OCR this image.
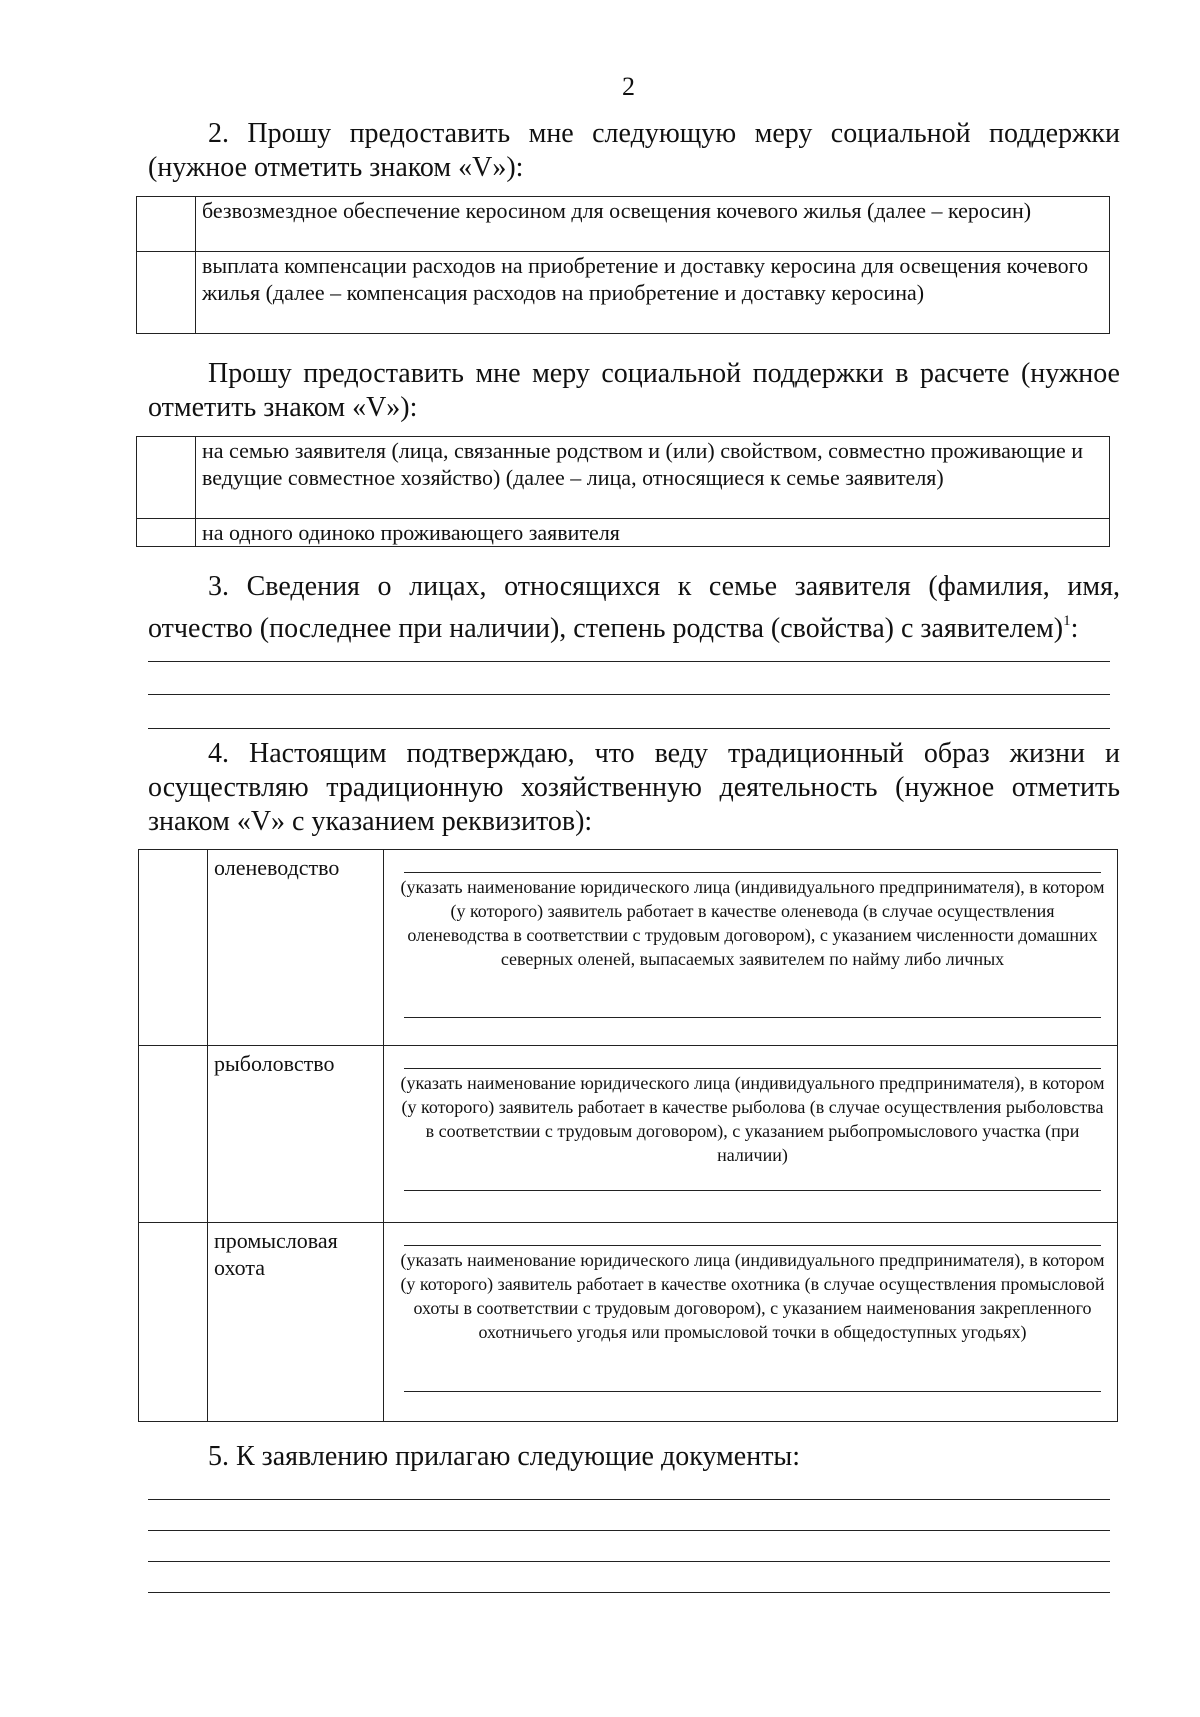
2
2. Прошу предоставить мне следующую меру социальной поддержки (нужное отметить знаком «V»):
	безвозмездное обеспечение керосином для освещения кочевого жилья (далее – керосин)
	выплата компенсации расходов на приобретение и доставку керосина для освещения кочевого жилья (далее – компенсация расходов на приобретение и доставку керосина)
Прошу предоставить мне меру социальной поддержки в расчете (нужное отметить знаком «V»):
	на семью заявителя (лица, связанные родством и (или) свойством, совместно проживающие и ведущие совместное хозяйство) (далее – лица, относящиеся к семье заявителя)
	на одного одиноко проживающего заявителя
3. Сведения о лицах, относящихся к семье заявителя (фамилия, имя, отчество (последнее при наличии), степень родства (свойства) с заявителем)$^1$:
4. Настоящим подтверждаю, что веду традиционный образ жизни и осуществляю традиционную хозяйственную деятельность (нужное отметить знаком «V» с указанием реквизитов):
	оленеводство	(указать наименование юридического лица (индивидуального предпринимателя), в котором (у которого) заявитель работает в качестве оленевода (в случае осуществления оленеводства в соответствии с трудовым договором), с указанием численности домашних северных оленей, выпасаемых заявителем по найму либо личных

	рыболовство	(указать наименование юридического лица (индивидуального предпринимателя), в котором (у которого) заявитель работает в качестве рыболова (в случае осуществления рыболовства в соответствии с трудовым договором), с указанием рыбопромыслового участка (при наличии)

	промысловая охота	(указать наименование юридического лица (индивидуального предпринимателя), в котором (у которого) заявитель работает в качестве охотника (в случае осуществления промысловой охоты в соответствии с трудовым договором), с указанием наименования закрепленного охотничьего угодья или промысловой точки в общедоступных угодьях)
5. К заявлению прилагаю следующие документы:
